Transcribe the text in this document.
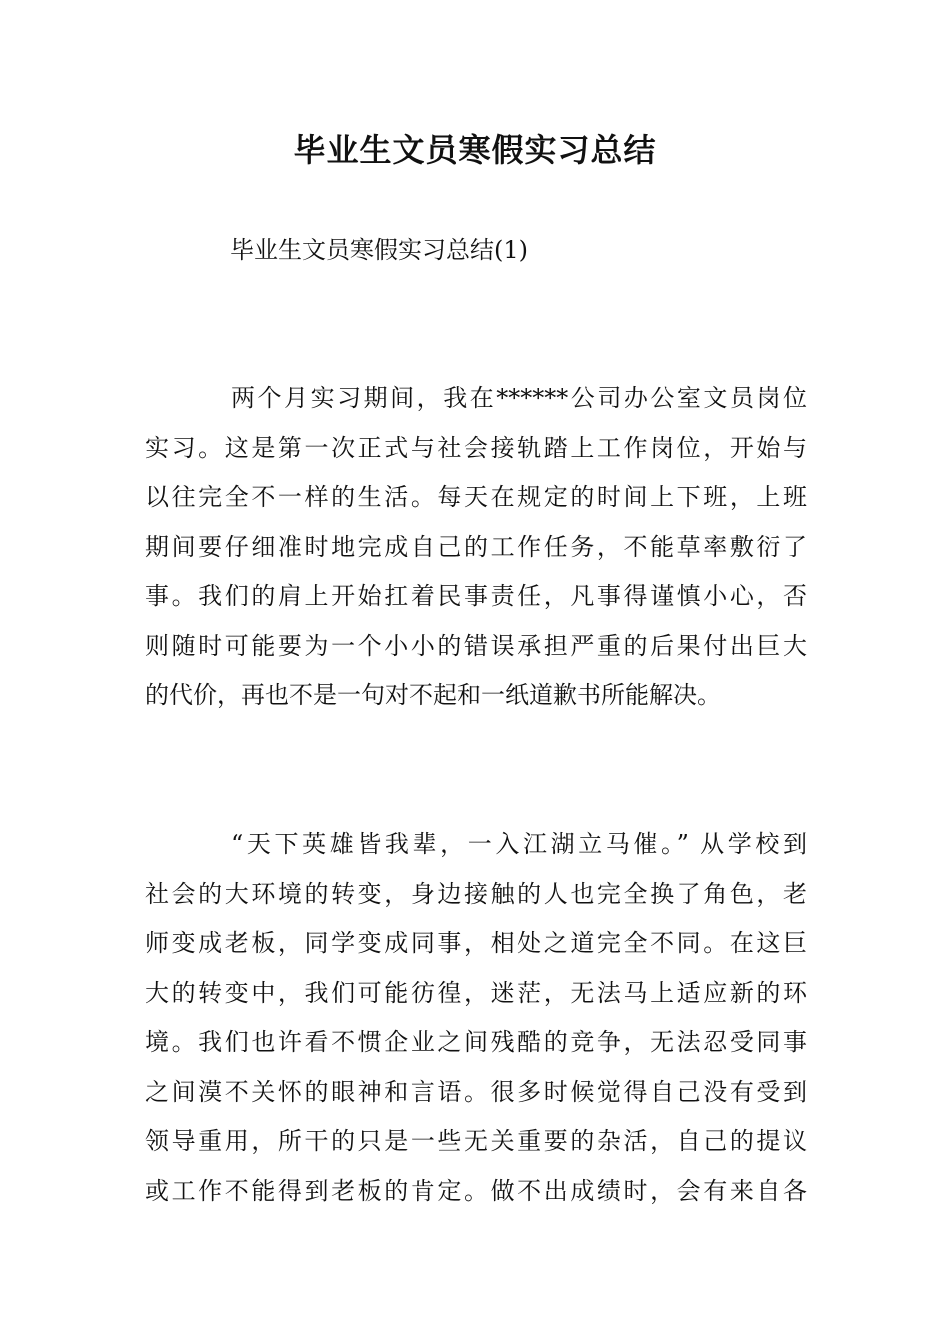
毕业生文员寒假实习总结
毕业生文员寒假实习总结(1)
两个月实习期间，我在******公司办公室文员岗位
实习。这是第一次正式与社会接轨踏上工作岗位，开始与
以往完全不一样的生活。每天在规定的时间上下班，上班
期间要仔细准时地完成自己的工作任务，不能草率敷衍了
事。我们的肩上开始扛着民事责任，凡事得谨慎小心，否
则随时可能要为一个小小的错误承担严重的后果付出巨大
的代价，再也不是一句对不起和一纸道歉书所能解决。
“天下英雄皆我辈，一入江湖立马催。” 从学校到
社会的大环境的转变，身边接触的人也完全换了角色，老
师变成老板，同学变成同事，相处之道完全不同。在这巨
大的转变中，我们可能彷徨，迷茫，无法马上适应新的环
境。我们也许看不惯企业之间残酷的竞争，无法忍受同事
之间漠不关怀的眼神和言语。很多时候觉得自己没有受到
领导重用，所干的只是一些无关重要的杂活，自己的提议
或工作不能得到老板的肯定。做不出成绩时，会有来自各
